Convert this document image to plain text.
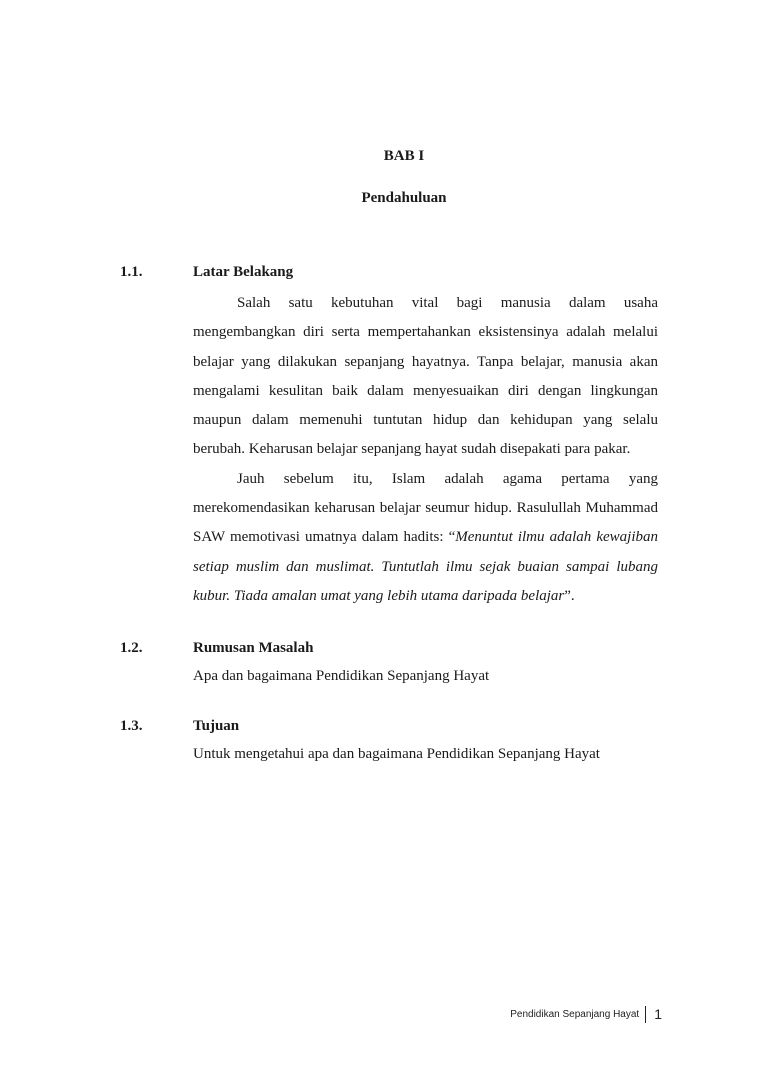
BAB I
Pendahuluan
1.1.	Latar Belakang

Salah satu kebutuhan vital bagi manusia dalam usaha mengembangkan diri serta mempertahankan eksistensinya adalah melalui belajar yang dilakukan sepanjang hayatnya. Tanpa belajar, manusia akan mengalami kesulitan baik dalam menyesuaikan diri dengan lingkungan maupun dalam memenuhi tuntutan hidup dan kehidupan yang selalu berubah. Keharusan belajar sepanjang hayat sudah disepakati para pakar.

Jauh sebelum itu, Islam adalah agama pertama yang merekomendasikan keharusan belajar seumur hidup. Rasulullah Muhammad SAW memotivasi umatnya dalam hadits: “Menuntut ilmu adalah kewajiban setiap muslim dan muslimat. Tuntutlah ilmu sejak buaian sampai lubang kubur. Tiada amalan umat yang lebih utama daripada belajar”.

1.2.	Rumusan Masalah

Apa dan bagaimana Pendidikan Sepanjang Hayat

1.3.	Tujuan

Untuk mengetahui apa dan bagaimana Pendidikan Sepanjang Hayat

Pendidikan Sepanjang Hayat	1
